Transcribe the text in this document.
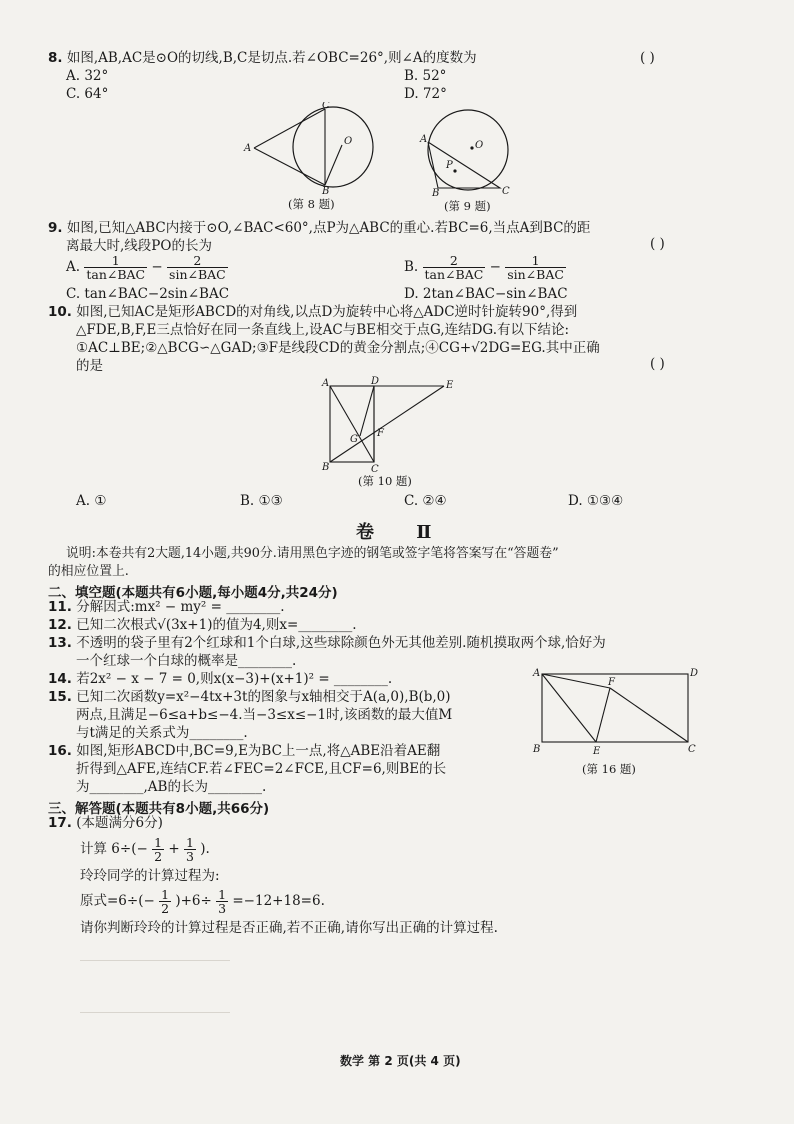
8. 如图,AB,AC是⊙O的切线,B,C是切点.若∠OBC=26°,则∠A的度数为	( )
A. 32°	B. 52°
C. 64°	D. 72°
A
B
C
O
(第 8 题)
A
B	C
O
P
(第 9 题)
9. 如图,已知△ABC内接于⊙O,∠BAC<60°,点P为△ABC的重心.若BC=6,当点A到BC的距
离最大时,线段PO的长为	( )
A. $\frac{1}{\text{tan∠BAC}} - \frac{2}{\text{sin∠BAC}}$	B. $\frac{2}{\text{tan∠BAC}} - \frac{1}{\text{sin∠BAC}}$
C. tan∠BAC−2sin∠BAC	D. 2tan∠BAC−sin∠BAC
10. 如图,已知AC是矩形ABCD的对角线,以点D为旋转中心将△ADC逆时针旋转90°,得到
△FDE,B,F,E三点恰好在同一条直线上,设AC与BE相交于点G,连结DG.有以下结论:
①AC⊥BE;②△BCG∽△GAD;③F是线段CD的黄金分割点;④CG+√2DG=EG.其中正确
的是	( )
A
B	C
D	E
F
G
(第 10 题)
A. ①	B. ①③	C. ②④	D. ①③④
卷 Ⅱ
说明:本卷共有2大题,14小题,共90分.请用黑色字迹的钢笔或签字笔将答案写在“答题卷”
的相应位置上.
二、填空题(本题共有6小题,每小题4分,共24分)
11. 分解因式:mx² − my² = ________.
12. 已知二次根式√(3x+1)的值为4,则x=________.
13. 不透明的袋子里有2个红球和1个白球,这些球除颜色外无其他差别.随机摸取两个球,恰好为
一个红球一个白球的概率是________.
14. 若2x² − x − 7 = 0,则x(x−3)+(x+1)² = ________.
15. 已知二次函数y=x²−4tx+3t的图象与x轴相交于A(a,0),B(b,0)
两点,且满足−6≤a+b≤−4.当−3≤x≤−1时,该函数的最大值M
与t满足的关系式为________.
16. 如图,矩形ABCD中,BC=9,E为BC上一点,将△ABE沿着AE翻
折得到△AFE,连结CF.若∠FEC=2∠FCE,且CF=6,则BE的长
为________,AB的长为________.
A
B	C
D
E
F
(第 16 题)
三、解答题(本题共有8小题,共66分)
17. (本题满分6分)
计算 $6\div(- \frac{1}{2} + \frac{1}{3}$ ).
玲玲同学的计算过程为:
原式$=6\div(- \frac{1}{2} )+6\div \frac{1}{3} =-12+18=6$.
请你判断玲玲的计算过程是否正确,若不正确,请你写出正确的计算过程.
数学 第 2 页(共 4 页)
